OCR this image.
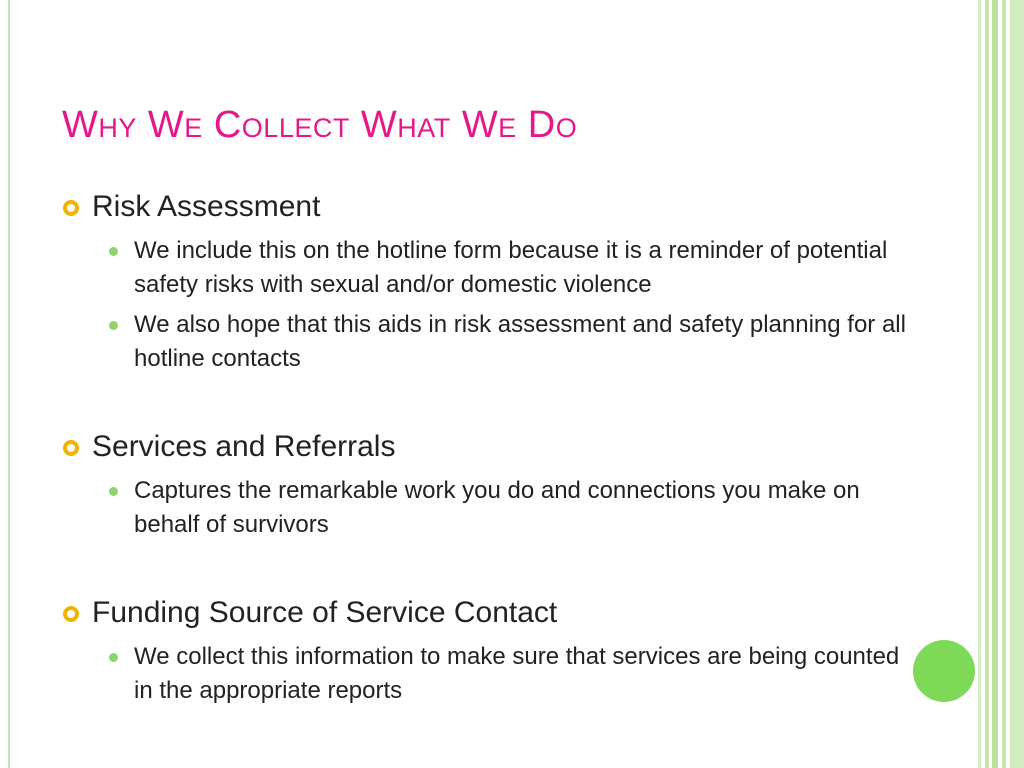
Why We Collect What We Do
Risk Assessment
We include this on the hotline form because it is a reminder of potential safety risks with sexual and/or domestic violence
We also hope that this aids in risk assessment and safety planning for all hotline contacts
Services and Referrals
Captures the remarkable work you do and connections you make on behalf of survivors
Funding Source of Service Contact
We collect this information to make sure that services are being counted in the appropriate reports
